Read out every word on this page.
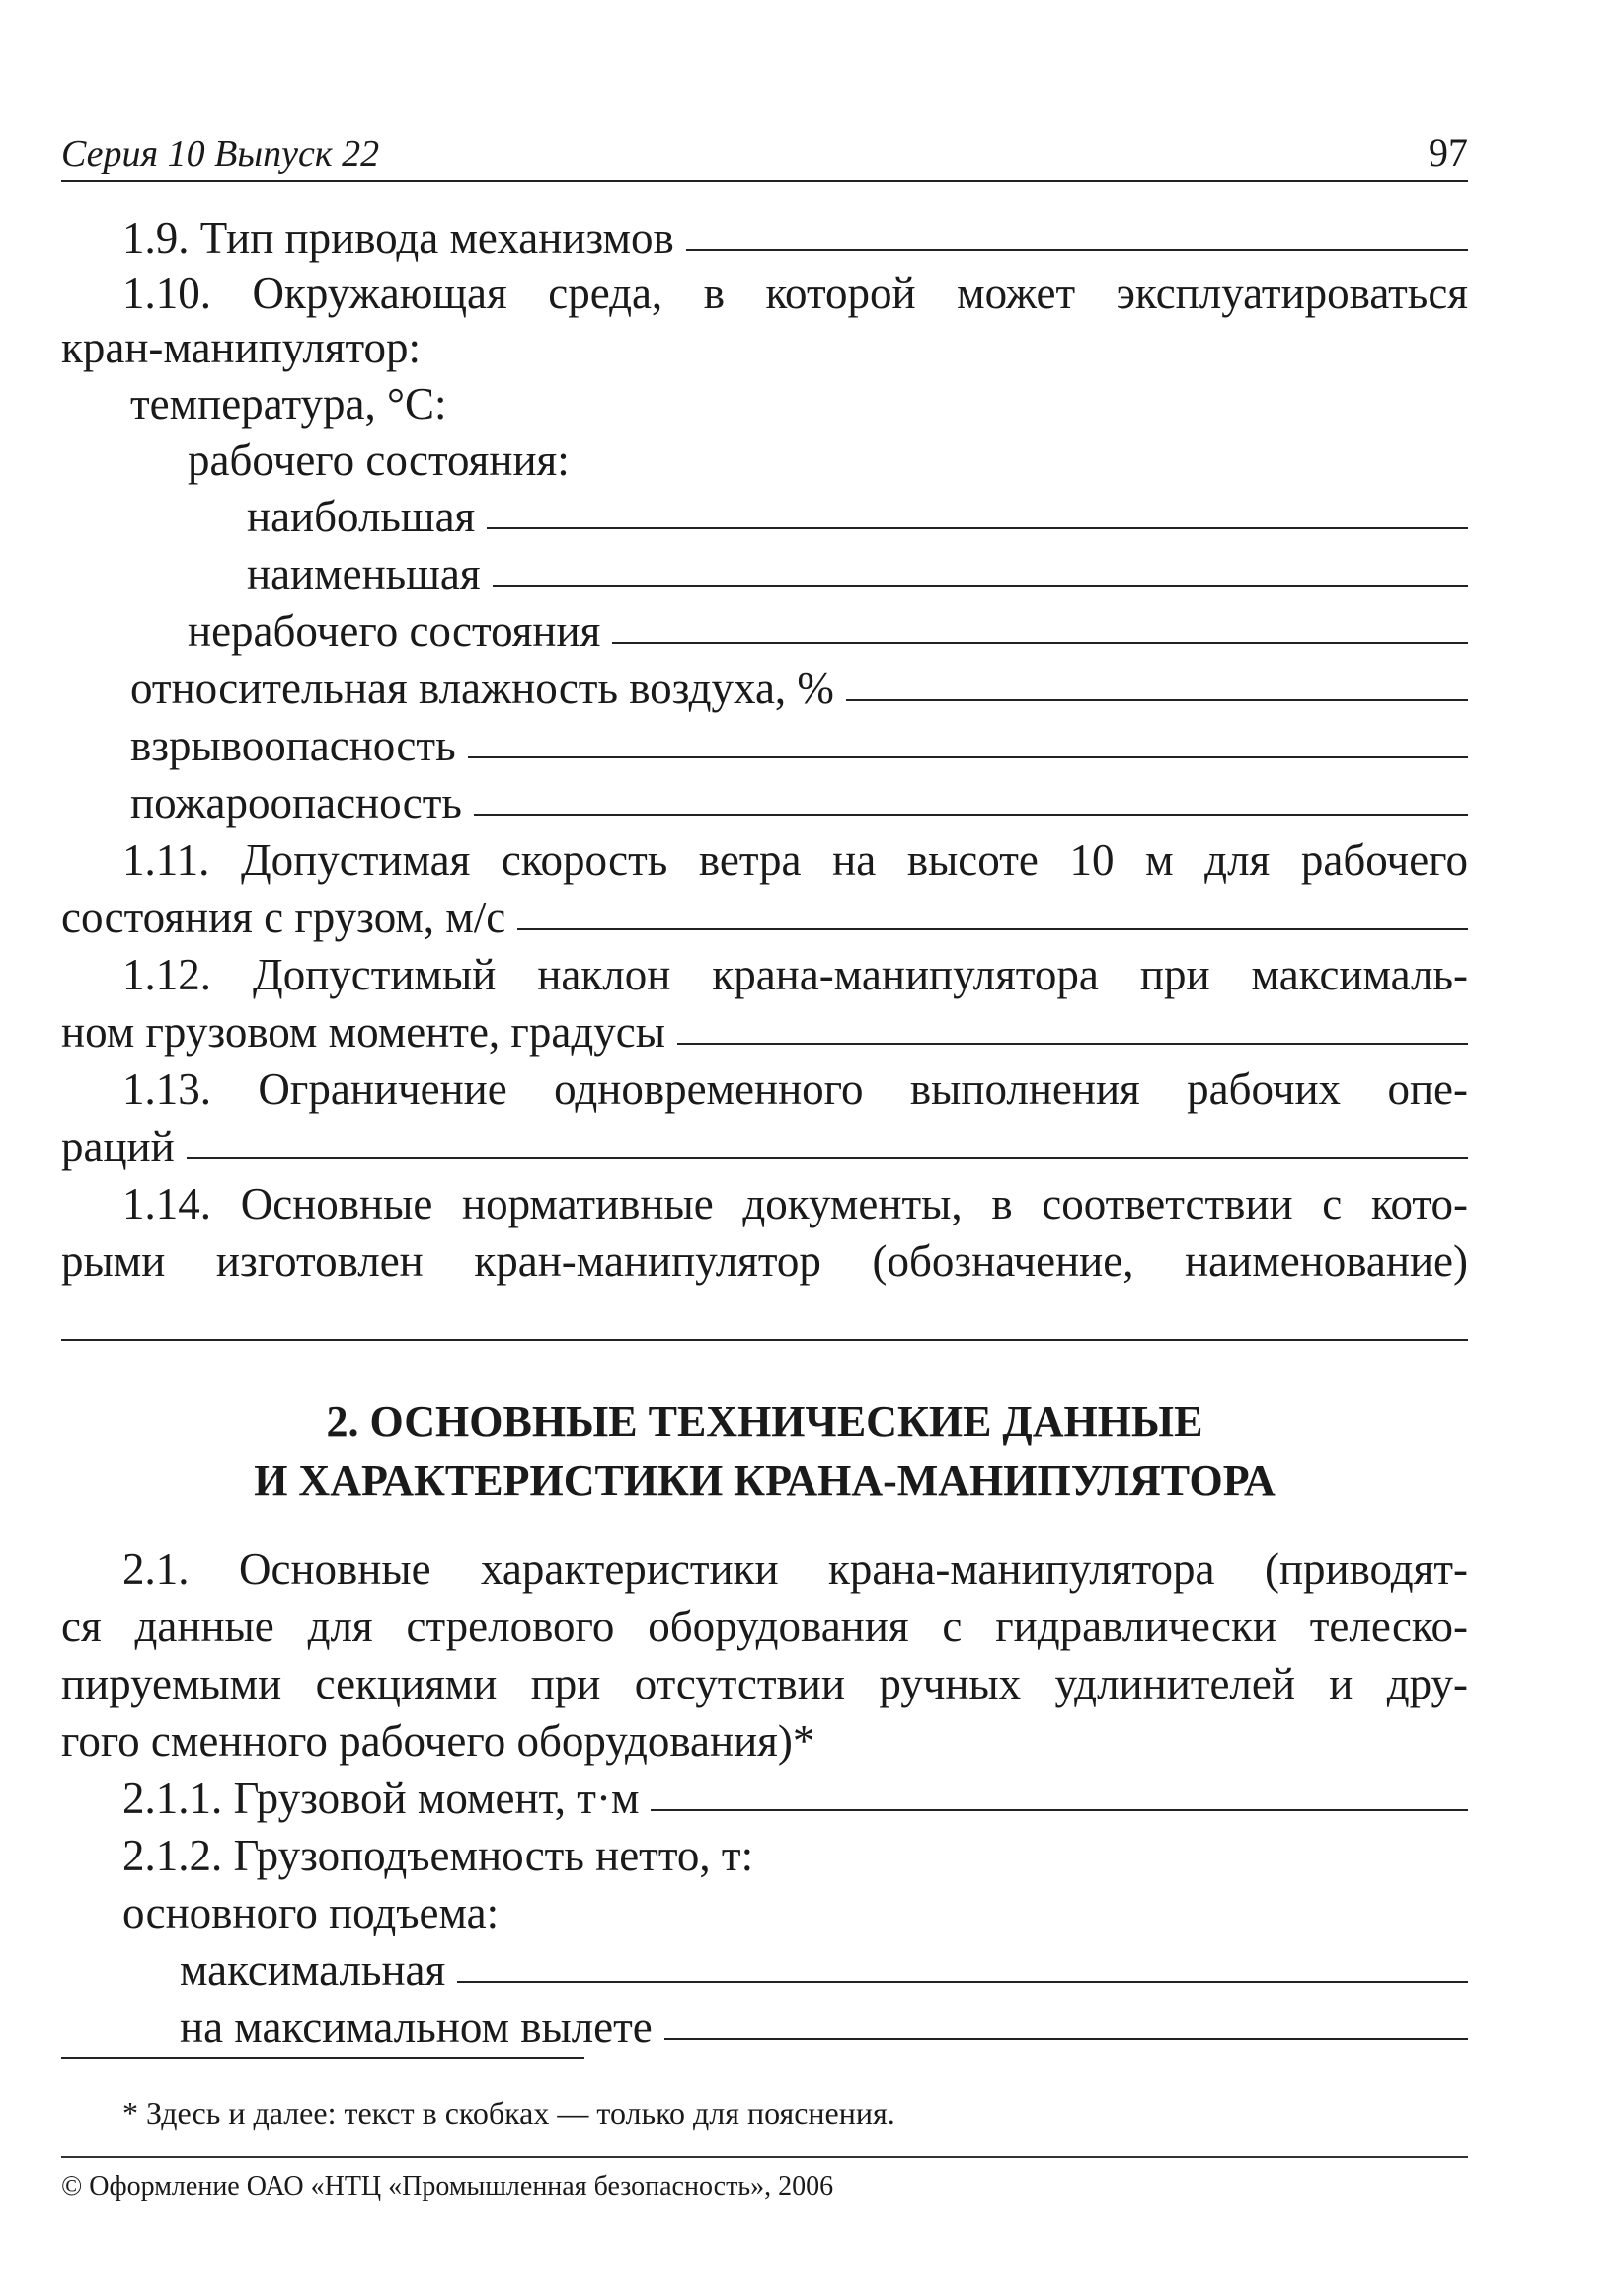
Серия 10 Выпуск 22	97
1.9. Тип привода механизмов
1.10. Окружающая среда, в которой может эксплуатироваться
кран-манипулятор:
температура, °С:
рабочего состояния:
наибольшая
наименьшая
нерабочего состояния
относительная влажность воздуха, %
взрывоопасность
пожароопасность
1.11. Допустимая скорость ветра на высоте 10 м для рабочего
состояния с грузом, м/с
1.12. Допустимый наклон крана-манипулятора при максималь-
ном грузовом моменте, градусы
1.13. Ограничение одновременного выполнения рабочих опе-
раций
1.14. Основные нормативные документы, в соответствии с кото-
рыми изготовлен кран-манипулятор (обозначение, наименование)
2. ОСНОВНЫЕ ТЕХНИЧЕСКИЕ ДАННЫЕ
И ХАРАКТЕРИСТИКИ КРАНА-МАНИПУЛЯТОРА
2.1. Основные характеристики крана-манипулятора (приводят-
ся данные для стрелового оборудования с гидравлически телеско-
пируемыми секциями при отсутствии ручных удлинителей и дру-
гого сменного рабочего оборудования)*
2.1.1. Грузовой момент, т·м
2.1.2. Грузоподъемность нетто, т:
основного подъема:
максимальная
на максимальном вылете
* Здесь и далее: текст в скобках — только для пояснения.
© Оформление ОАО «НТЦ «Промышленная безопасность», 2006
